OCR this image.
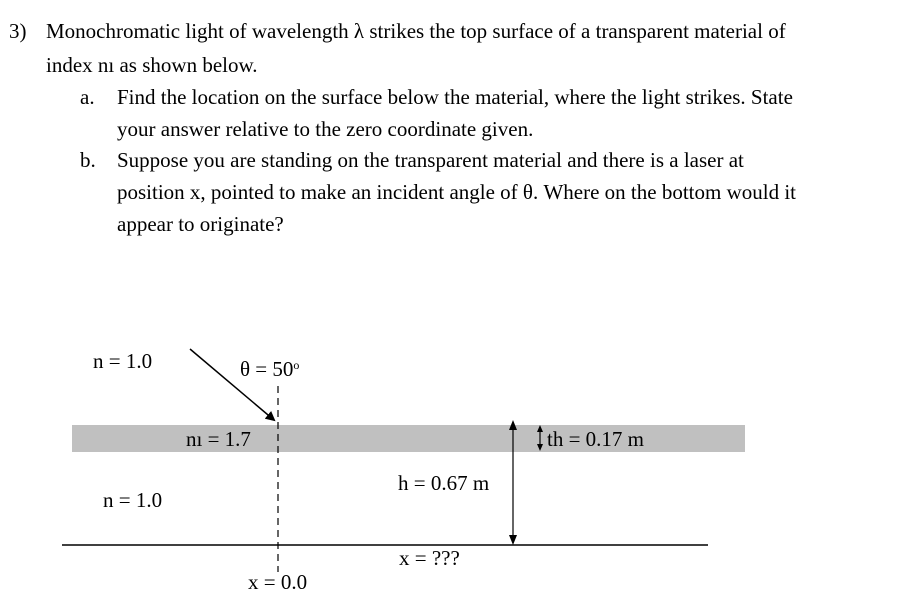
3) Monochromatic light of wavelength λ strikes the top surface of a transparent material of
index nı as shown below.
a. Find the location on the surface below the material, where the light strikes. State
your answer relative to the zero coordinate given.
b. Suppose you are standing on the transparent material and there is a laser at
position x, pointed to make an incident angle of θ. Where on the bottom would it
appear to originate?
n = 1.0	$\theta = 50^o$
nı = 1.7	th = 0.17 m
h = 0.67 m
n = 1.0
x = ???
x = 0.0
